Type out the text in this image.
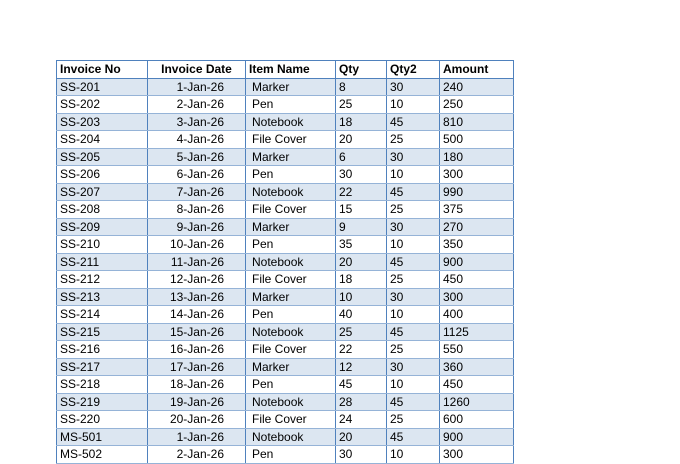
Invoice No	Invoice Date	Item Name	Qty	Qty2	Amount
SS-201	1-Jan-26	Marker	8	30	240
SS-202	2-Jan-26	Pen	25	10	250
SS-203	3-Jan-26	Notebook	18	45	810
SS-204	4-Jan-26	File Cover	20	25	500
SS-205	5-Jan-26	Marker	6	30	180
SS-206	6-Jan-26	Pen	30	10	300
SS-207	7-Jan-26	Notebook	22	45	990
SS-208	8-Jan-26	File Cover	15	25	375
SS-209	9-Jan-26	Marker	9	30	270
SS-210	10-Jan-26	Pen	35	10	350
SS-211	11-Jan-26	Notebook	20	45	900
SS-212	12-Jan-26	File Cover	18	25	450
SS-213	13-Jan-26	Marker	10	30	300
SS-214	14-Jan-26	Pen	40	10	400
SS-215	15-Jan-26	Notebook	25	45	1125
SS-216	16-Jan-26	File Cover	22	25	550
SS-217	17-Jan-26	Marker	12	30	360
SS-218	18-Jan-26	Pen	45	10	450
SS-219	19-Jan-26	Notebook	28	45	1260
SS-220	20-Jan-26	File Cover	24	25	600
MS-501	1-Jan-26	Notebook	20	45	900
MS-502	2-Jan-26	Pen	30	10	300
